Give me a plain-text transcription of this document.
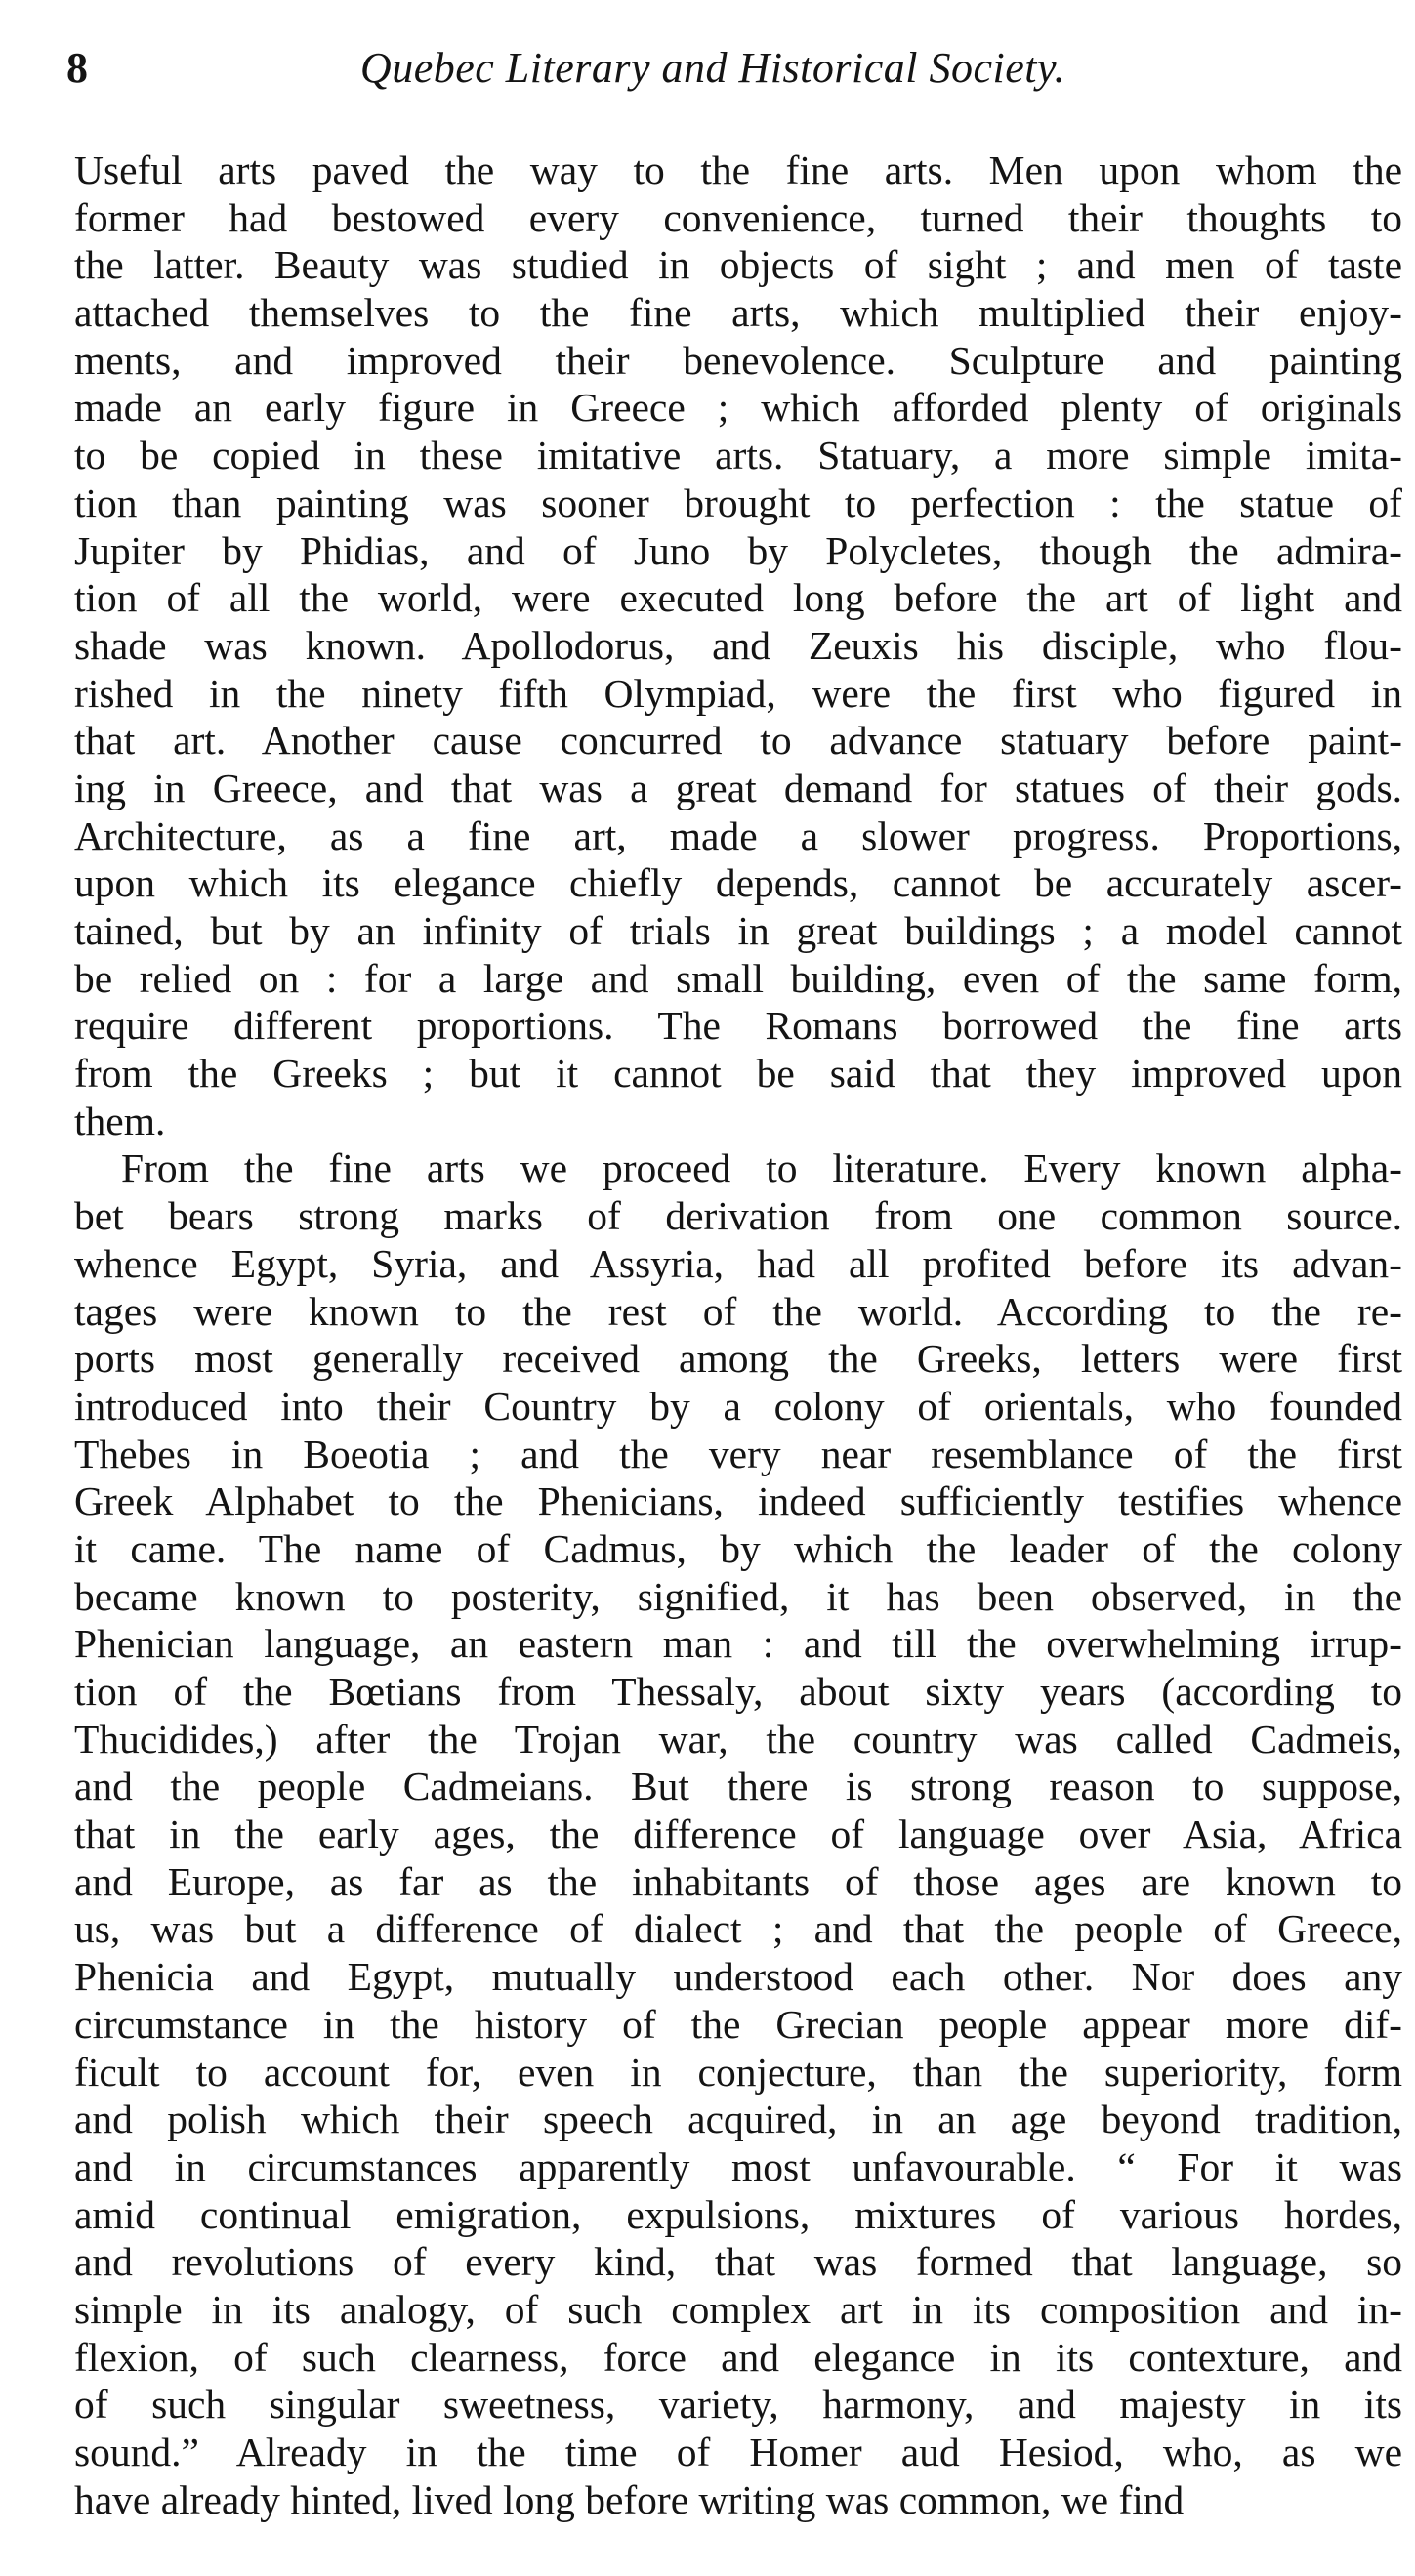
8	Quebec Literary and Historical Society.
Useful arts paved the way to the fine arts. Men upon whom the
former had bestowed every convenience, turned their thoughts to
the latter. Beauty was studied in objects of sight ; and men of taste
attached themselves to the fine arts, which multiplied their enjoy-
ments, and improved their benevolence. Sculpture and painting
made an early figure in Greece ; which afforded plenty of originals
to be copied in these imitative arts. Statuary, a more simple imita-
tion than painting was sooner brought to perfection : the statue of
Jupiter by Phidias, and of Juno by Polycletes, though the admira-
tion of all the world, were executed long before the art of light and
shade was known. Apollodorus, and Zeuxis his disciple, who flou-
rished in the ninety fifth Olympiad, were the first who figured in
that art. Another cause concurred to advance statuary before paint-
ing in Greece, and that was a great demand for statues of their gods.
Architecture, as a fine art, made a slower progress. Proportions,
upon which its elegance chiefly depends, cannot be accurately ascer-
tained, but by an infinity of trials in great buildings ; a model cannot
be relied on : for a large and small building, even of the same form,
require different proportions. The Romans borrowed the fine arts
from the Greeks ; but it cannot be said that they improved upon
them.
From the fine arts we proceed to literature. Every known alpha-
bet bears strong marks of derivation from one common source.
whence Egypt, Syria, and Assyria, had all profited before its advan-
tages were known to the rest of the world. According to the re-
ports most generally received among the Greeks, letters were first
introduced into their Country by a colony of orientals, who founded
Thebes in Boeotia ; and the very near resemblance of the first
Greek Alphabet to the Phenicians, indeed sufficiently testifies whence
it came. The name of Cadmus, by which the leader of the colony
became known to posterity, signified, it has been observed, in the
Phenician language, an eastern man : and till the overwhelming irrup-
tion of the Bœtians from Thessaly, about sixty years (according to
Thucidides,) after the Trojan war, the country was called Cadmeis,
and the people Cadmeians. But there is strong reason to suppose,
that in the early ages, the difference of language over Asia, Africa
and Europe, as far as the inhabitants of those ages are known to
us, was but a difference of dialect ; and that the people of Greece,
Phenicia and Egypt, mutually understood each other. Nor does any
circumstance in the history of the Grecian people appear more dif-
ficult to account for, even in conjecture, than the superiority, form
and polish which their speech acquired, in an age beyond tradition,
and in circumstances apparently most unfavourable. “ For it was
amid continual emigration, expulsions, mixtures of various hordes,
and revolutions of every kind, that was formed that language, so
simple in its analogy, of such complex art in its composition and in-
flexion, of such clearness, force and elegance in its contexture, and
of such singular sweetness, variety, harmony, and majesty in its
sound.” Already in the time of Homer aud Hesiod, who, as we
have already hinted, lived long before writing was common, we find
